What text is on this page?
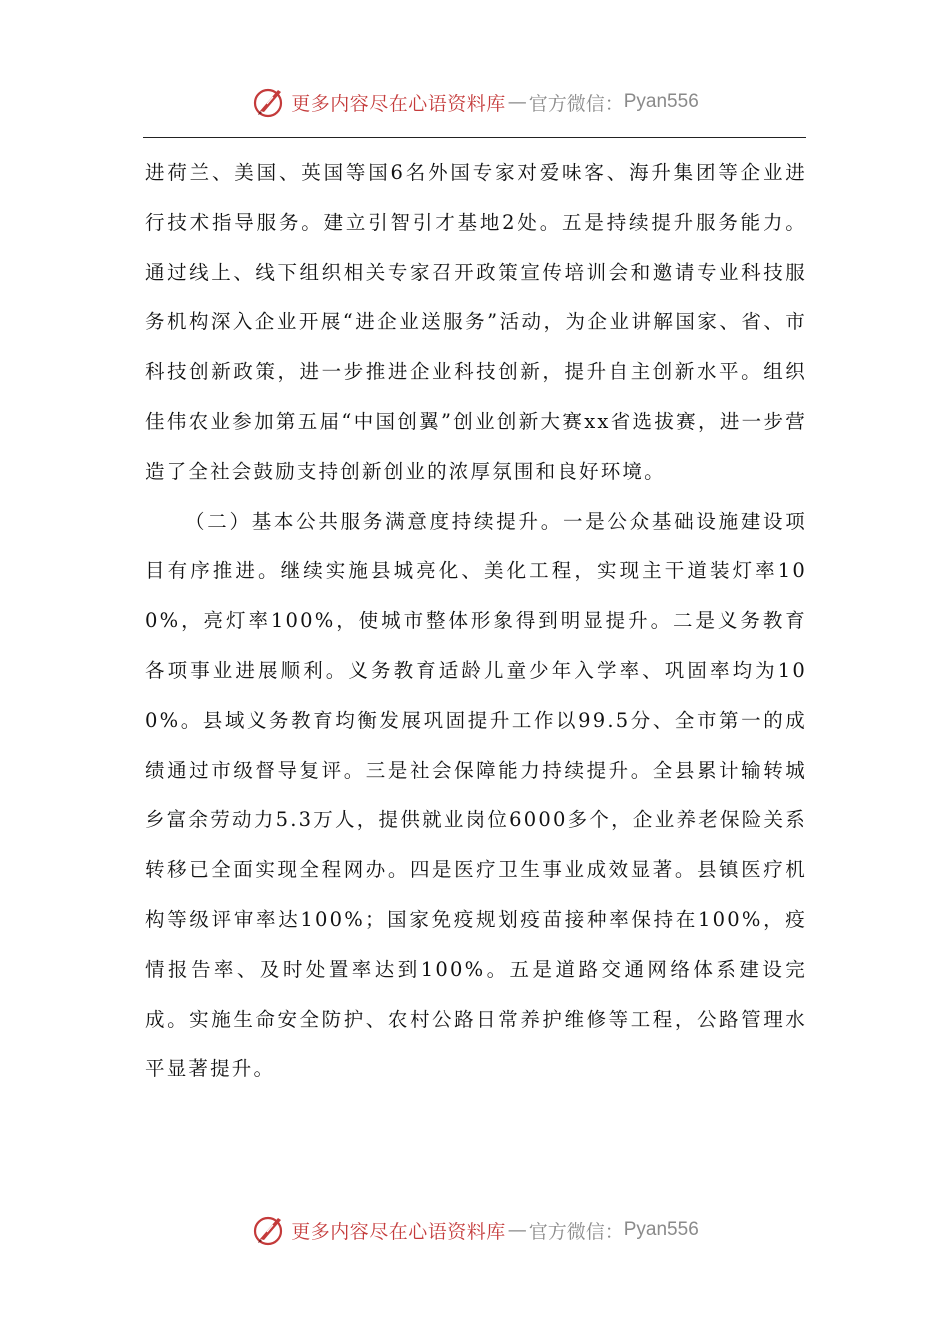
更多内容尽在心语资料库 — 官方微信： Pyan556

进荷兰、美国、英国等国6名外国专家对爱味客、海升集团等企业进行技术指导服务。建立引智引才基地2处。五是持续提升服务能力。通过线上、线下组织相关专家召开政策宣传培训会和邀请专业科技服务机构深入企业开展“进企业送服务”活动，为企业讲解国家、省、市科技创新政策，进一步推进企业科技创新，提升自主创新水平。组织佳伟农业参加第五届“中国创翼”创业创新大赛xx省选拔赛，进一步营造了全社会鼓励支持创新创业的浓厚氛围和良好环境。

（二）基本公共服务满意度持续提升。一是公众基础设施建设项目有序推进。继续实施县城亮化、美化工程，实现主干道装灯率100%，亮灯率100%，使城市整体形象得到明显提升。二是义务教育各项事业进展顺利。义务教育适龄儿童少年入学率、巩固率均为100%。县域义务教育均衡发展巩固提升工作以99.5分、全市第一的成绩通过市级督导复评。三是社会保障能力持续提升。全县累计输转城乡富余劳动力5.3万人，提供就业岗位6000多个，企业养老保险关系转移已全面实现全程网办。四是医疗卫生事业成效显著。县镇医疗机构等级评审率达100%；国家免疫规划疫苗接种率保持在100%，疫情报告率、及时处置率达到100%。五是道路交通网络体系建设完成。实施生命安全防护、农村公路日常养护维修等工程，公路管理水平显著提升。

更多内容尽在心语资料库 — 官方微信： Pyan556
